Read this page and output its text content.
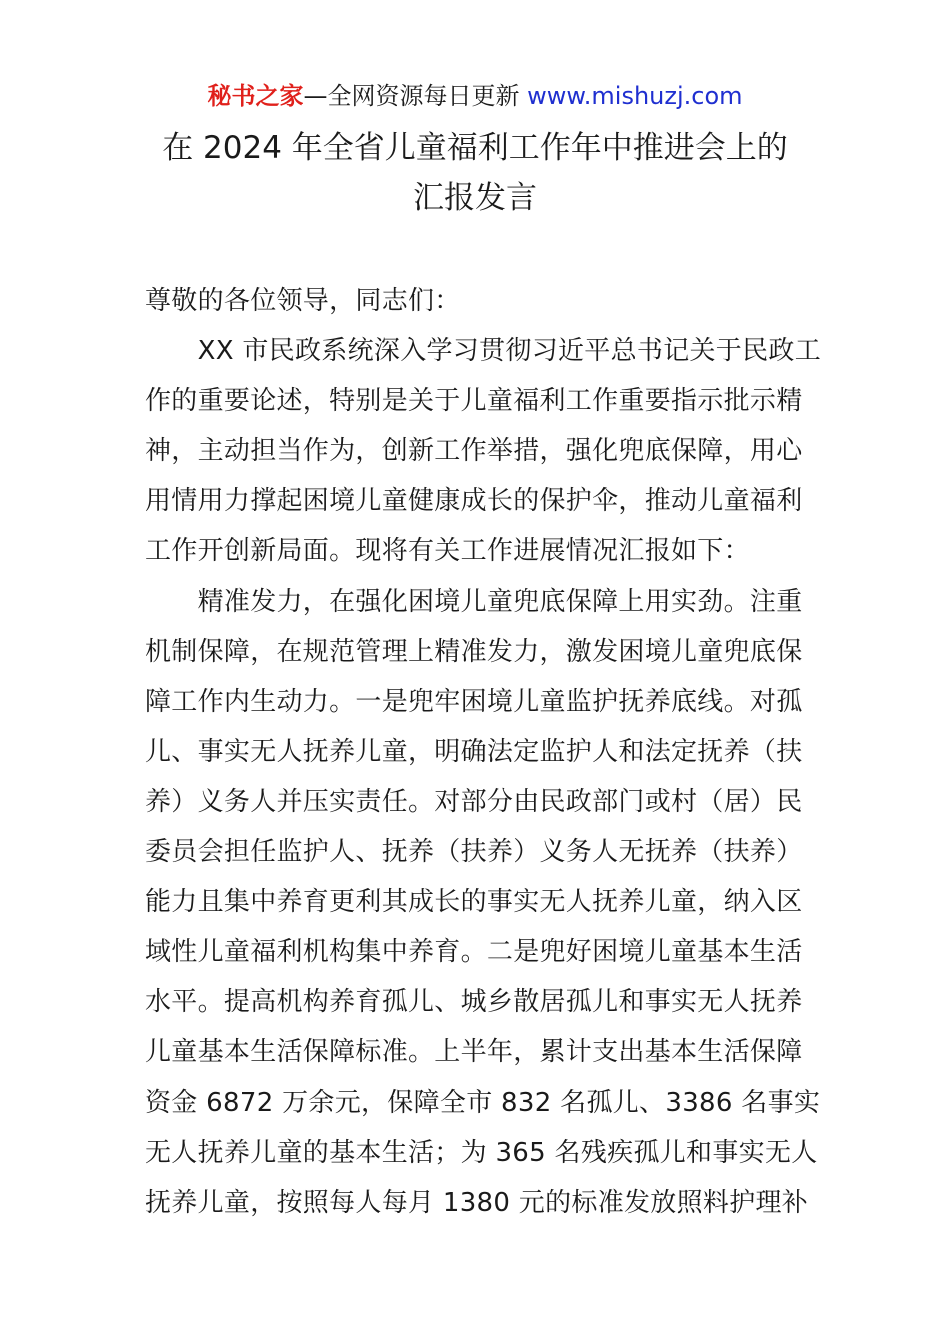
秘书之家—全网资源每日更新 www.mishuzj.com
在 2024 年全省儿童福利工作年中推进会上的
汇报发言
尊敬的各位领导，同志们：
　　XX 市民政系统深入学习贯彻习近平总书记关于民政工
作的重要论述，特别是关于儿童福利工作重要指示批示精
神，主动担当作为，创新工作举措，强化兜底保障，用心
用情用力撑起困境儿童健康成长的保护伞，推动儿童福利
工作开创新局面。现将有关工作进展情况汇报如下：
　　精准发力，在强化困境儿童兜底保障上用实劲。注重
机制保障，在规范管理上精准发力，激发困境儿童兜底保
障工作内生动力。一是兜牢困境儿童监护抚养底线。对孤
儿、事实无人抚养儿童，明确法定监护人和法定抚养（扶
养）义务人并压实责任。对部分由民政部门或村（居）民
委员会担任监护人、抚养（扶养）义务人无抚养（扶养）
能力且集中养育更利其成长的事实无人抚养儿童，纳入区
域性儿童福利机构集中养育。二是兜好困境儿童基本生活
水平。提高机构养育孤儿、城乡散居孤儿和事实无人抚养
儿童基本生活保障标准。上半年，累计支出基本生活保障
资金 6872 万余元，保障全市 832 名孤儿、3386 名事实
无人抚养儿童的基本生活；为 365 名残疾孤儿和事实无人
抚养儿童，按照每人每月 1380 元的标准发放照料护理补
